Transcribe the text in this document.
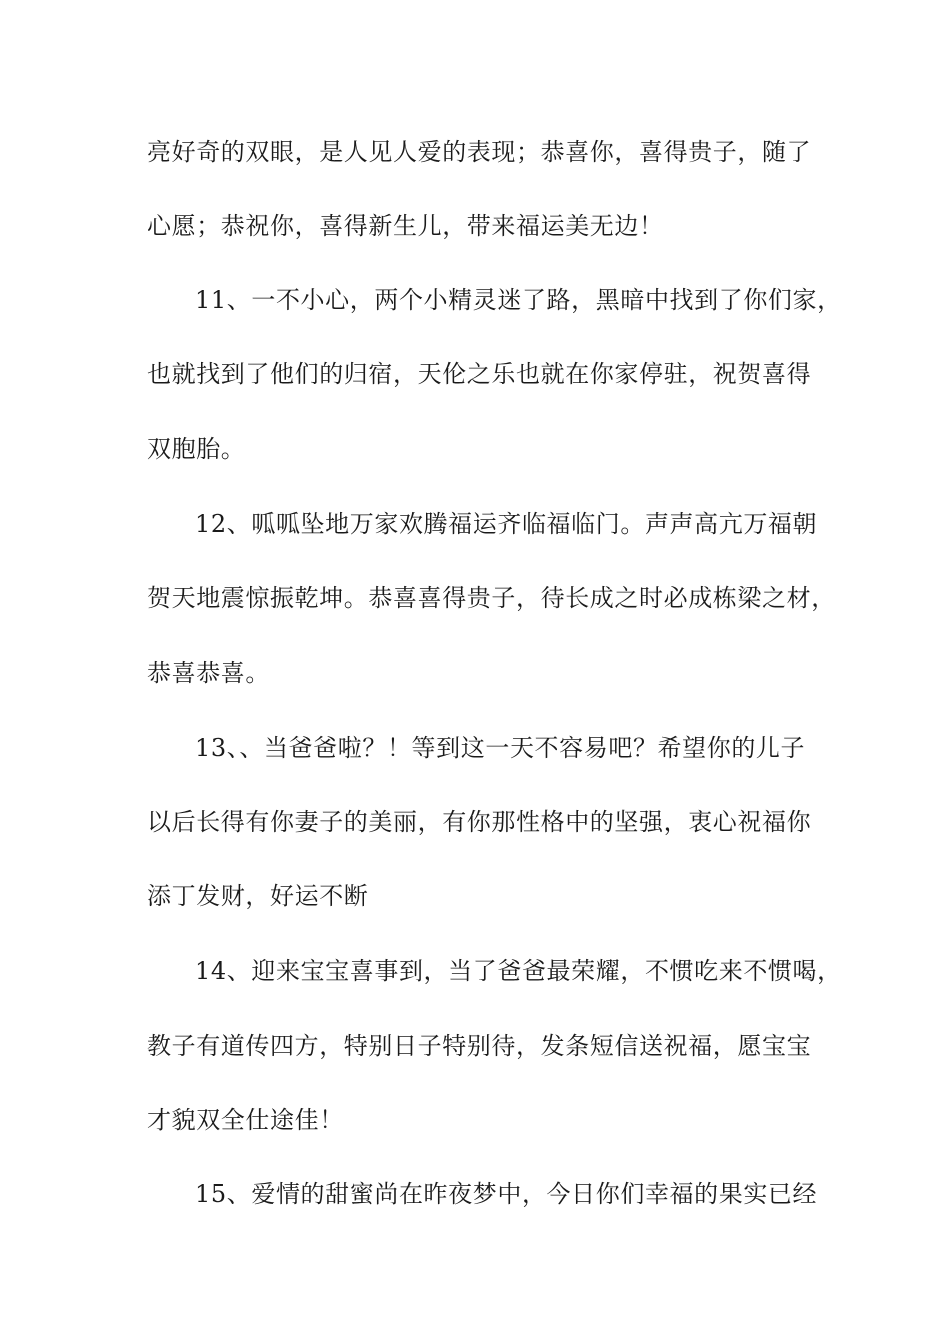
亮好奇的双眼，是人见人爱的表现；恭喜你，喜得贵子，随了
心愿；恭祝你，喜得新生儿，带来福运美无边！
11、一不小心，两个小精灵迷了路，黑暗中找到了你们家，
也就找到了他们的归宿，天伦之乐也就在你家停驻，祝贺喜得
双胞胎。
12、呱呱坠地万家欢腾福运齐临福临门。声声高亢万福朝
贺天地震惊振乾坤。恭喜喜得贵子，待长成之时必成栋梁之材，
恭喜恭喜。
13、、当爸爸啦？！等到这一天不容易吧？希望你的儿子
以后长得有你妻子的美丽，有你那性格中的坚强，衷心祝福你
添丁发财，好运不断
14、迎来宝宝喜事到，当了爸爸最荣耀，不惯吃来不惯喝，
教子有道传四方，特别日子特别待，发条短信送祝福，愿宝宝
才貌双全仕途佳！
15、爱情的甜蜜尚在昨夜梦中，今日你们幸福的果实已经
